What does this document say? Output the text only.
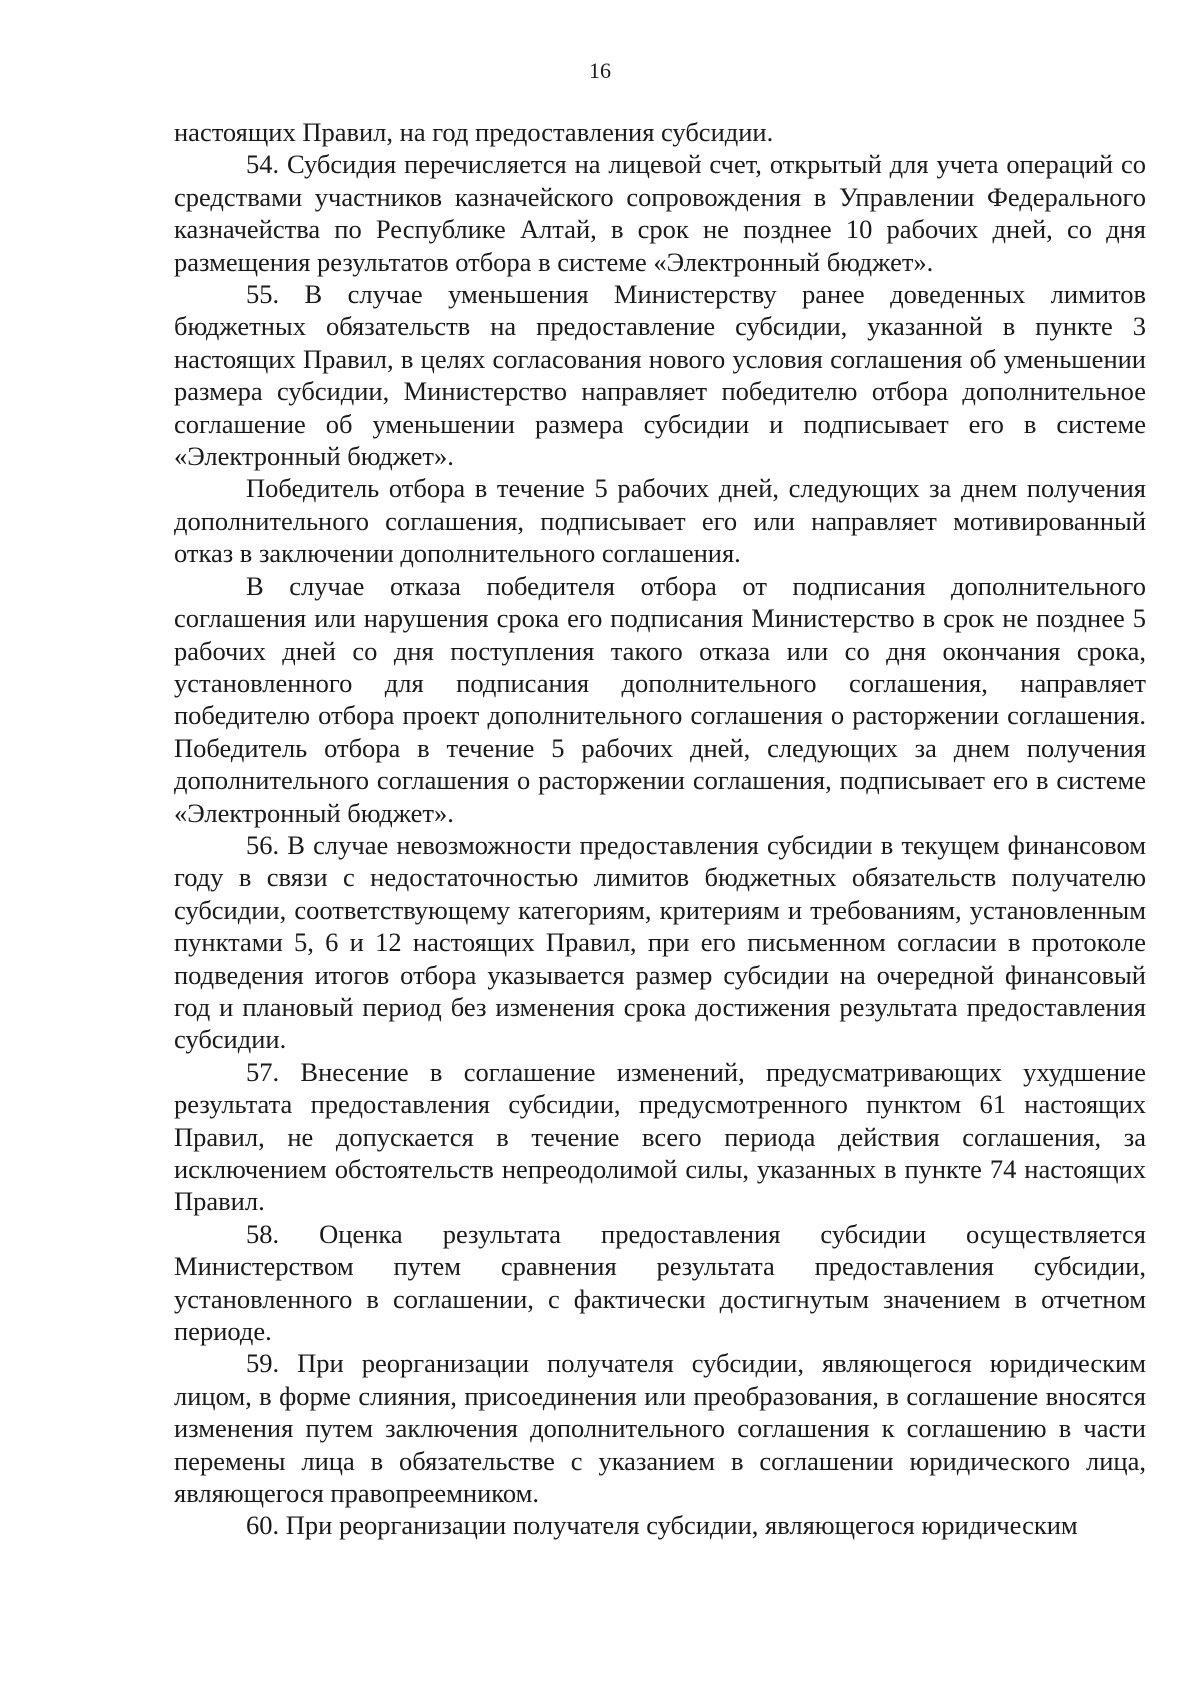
16

настоящих Правил, на год предоставления субсидии.

54. Субсидия перечисляется на лицевой счет, открытый для учета операций со средствами участников казначейского сопровождения в Управлении Федерального казначейства по Республике Алтай, в срок не позднее 10 рабочих дней, со дня размещения результатов отбора в системе «Электронный бюджет».

55. В случае уменьшения Министерству ранее доведенных лимитов бюджетных обязательств на предоставление субсидии, указанной в пункте 3 настоящих Правил, в целях согласования нового условия соглашения об уменьшении размера субсидии, Министерство направляет победителю отбора дополнительное соглашение об уменьшении размера субсидии и подписывает его в системе «Электронный бюджет».

Победитель отбора в течение 5 рабочих дней, следующих за днем получения дополнительного соглашения, подписывает его или направляет мотивированный отказ в заключении дополнительного соглашения.

В случае отказа победителя отбора от подписания дополнительного соглашения или нарушения срока его подписания Министерство в срок не позднее 5 рабочих дней со дня поступления такого отказа или со дня окончания срока, установленного для подписания дополнительного соглашения, направляет победителю отбора проект дополнительного соглашения о расторжении соглашения. Победитель отбора в течение 5 рабочих дней, следующих за днем получения дополнительного соглашения о расторжении соглашения, подписывает его в системе «Электронный бюджет».

56. В случае невозможности предоставления субсидии в текущем финансовом году в связи с недостаточностью лимитов бюджетных обязательств получателю субсидии, соответствующему категориям, критериям и требованиям, установленным пунктами 5, 6 и 12 настоящих Правил, при его письменном согласии в протоколе подведения итогов отбора указывается размер субсидии на очередной финансовый год и плановый период без изменения срока достижения результата предоставления субсидии.

57. Внесение в соглашение изменений, предусматривающих ухудшение результата предоставления субсидии, предусмотренного пунктом 61 настоящих Правил, не допускается в течение всего периода действия соглашения, за исключением обстоятельств непреодолимой силы, указанных в пункте 74 настоящих Правил.

58. Оценка результата предоставления субсидии осуществляется Министерством путем сравнения результата предоставления субсидии, установленного в соглашении, с фактически достигнутым значением в отчетном периоде.

59. При реорганизации получателя субсидии, являющегося юридическим лицом, в форме слияния, присоединения или преобразования, в соглашение вносятся изменения путем заключения дополнительного соглашения к соглашению в части перемены лица в обязательстве с указанием в соглашении юридического лица, являющегося правопреемником.

60. При реорганизации получателя субсидии, являющегося юридическим
